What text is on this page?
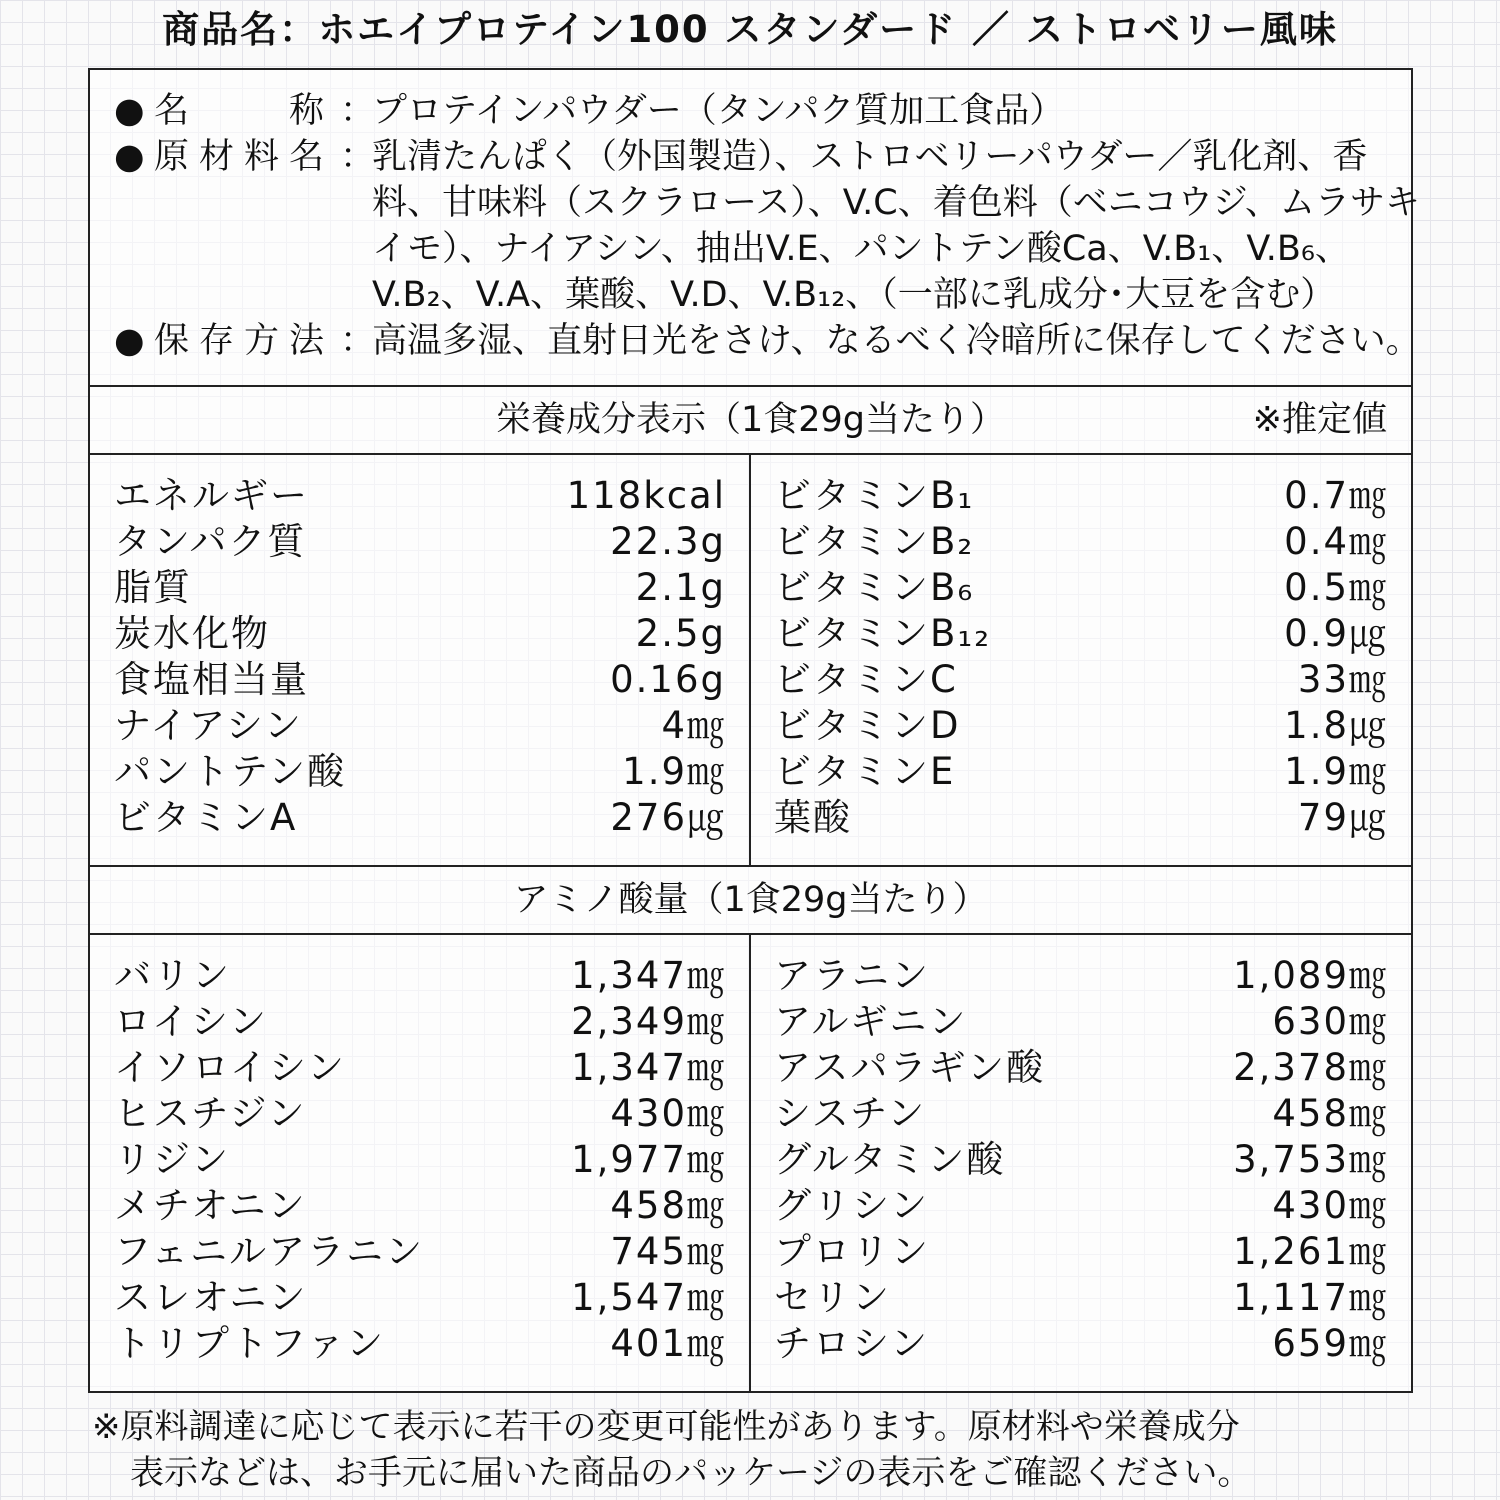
商品名：ホエイプロテイン100 スタンダード ／ ストロベリー風味
● 名	称 ：
プロテインパウダー（タンパク質加工食品）
● 原 材 料 名 ：
乳清たんぱく（外国製造）、ストロベリーパウダー／乳化剤、香
料、甘味料（スクラロース）、V.C、着色料（ベニコウジ、ムラサキ
イモ）、ナイアシン、抽出V.E、パントテン酸Ca、V.B₁、V.B₆、
V.B₂、V.A、葉酸、V.D、V.B₁₂、（一部に乳成分･大豆を含む）
● 保 存 方 法 ：
高温多湿、直射日光をさけ、なるべく冷暗所に保存してください。
栄養成分表示（1食29g当たり）	※推定値
エネルギー	118kcal
タンパク質	22.3g
脂質	2.1g
炭水化物	2.5g
食塩相当量	0.16g
ナイアシン	4㎎
パントテン酸	1.9㎎
ビタミンA	276㎍
ビタミンB₁	0.7㎎
ビタミンB₂	0.4㎎
ビタミンB₆	0.5㎎
ビタミンB₁₂	0.9㎍
ビタミンC	33㎎
ビタミンD	1.8㎍
ビタミンE	1.9㎎
葉酸	79㎍
アミノ酸量（1食29g当たり）
バリン	1,347㎎
ロイシン	2,349㎎
イソロイシン	1,347㎎
ヒスチジン	430㎎
リジン	1,977㎎
メチオニン	458㎎
フェニルアラニン	745㎎
スレオニン	1,547㎎
トリプトファン	401㎎
アラニン	1,089㎎
アルギニン	630㎎
アスパラギン酸	2,378㎎
シスチン	458㎎
グルタミン酸	3,753㎎
グリシン	430㎎
プロリン	1,261㎎
セリン	1,117㎎
チロシン	659㎎
※原料調達に応じて表示に若干の変更可能性があります。原材料や栄養成分
表示などは、お手元に届いた商品のパッケージの表示をご確認ください。
